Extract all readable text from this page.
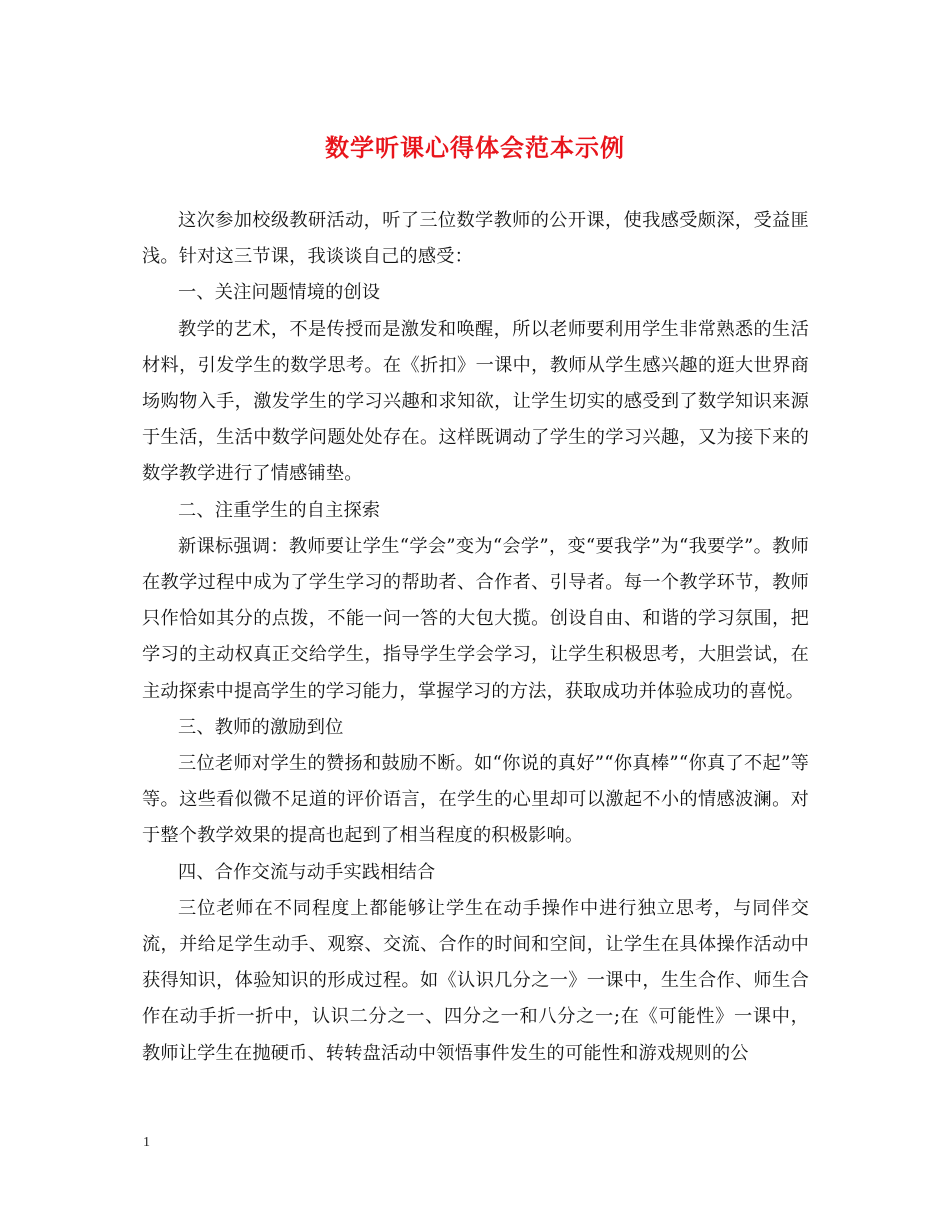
数学听课心得体会范本示例

这次参加校级教研活动，听了三位数学教师的公开课，使我感受颇深，受益匪浅。针对这三节课，我谈谈自己的感受：

一、关注问题情境的创设

教学的艺术，不是传授而是激发和唤醒，所以老师要利用学生非常熟悉的生活材料，引发学生的数学思考。在《折扣》一课中，教师从学生感兴趣的逛大世界商场购物入手，激发学生的学习兴趣和求知欲，让学生切实的感受到了数学知识来源于生活，生活中数学问题处处存在。这样既调动了学生的学习兴趣，又为接下来的数学教学进行了情感铺垫。

二、注重学生的自主探索

新课标强调：教师要让学生“学会”变为“会学”，变“要我学”为“我要学”。教师在教学过程中成为了学生学习的帮助者、合作者、引导者。每一个教学环节，教师只作恰如其分的点拨，不能一问一答的大包大揽。创设自由、和谐的学习氛围，把学习的主动权真正交给学生，指导学生学会学习，让学生积极思考，大胆尝试，在主动探索中提高学生的学习能力，掌握学习的方法，获取成功并体验成功的喜悦。

三、教师的激励到位

三位老师对学生的赞扬和鼓励不断。如“你说的真好”“你真棒”“你真了不起”等等。这些看似微不足道的评价语言，在学生的心里却可以激起不小的情感波澜。对于整个教学效果的提高也起到了相当程度的积极影响。

四、合作交流与动手实践相结合

三位老师在不同程度上都能够让学生在动手操作中进行独立思考，与同伴交流，并给足学生动手、观察、交流、合作的时间和空间，让学生在具体操作活动中获得知识，体验知识的形成过程。如《认识几分之一》一课中，生生合作、师生合作在动手折一折中，认识二分之一、四分之一和八分之一;在《可能性》一课中，教师让学生在抛硬币、转转盘活动中领悟事件发生的可能性和游戏规则的公

1
